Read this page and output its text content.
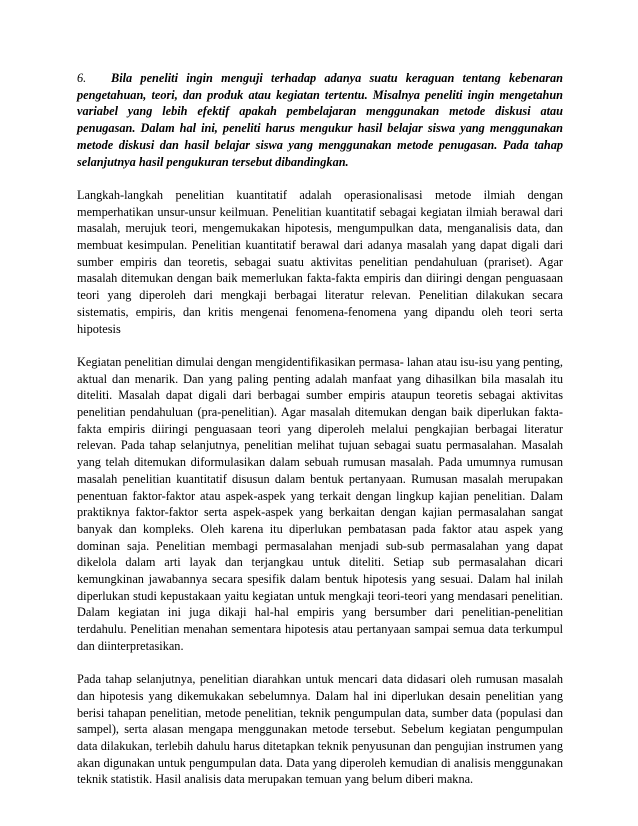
6. Bila peneliti ingin menguji terhadap adanya suatu keraguan tentang kebenaran pengetahuan, teori, dan produk atau kegiatan tertentu. Misalnya peneliti ingin mengetahun variabel yang lebih efektif apakah pembelajaran menggunakan metode diskusi atau penugasan. Dalam hal ini, peneliti harus mengukur hasil belajar siswa yang menggunakan metode diskusi dan hasil belajar siswa yang menggunakan metode penugasan. Pada tahap selanjutnya hasil pengukuran tersebut dibandingkan.

Langkah-langkah penelitian kuantitatif adalah operasionalisasi metode ilmiah dengan memperhatikan unsur-unsur keilmuan. Penelitian kuantitatif sebagai kegiatan ilmiah berawal dari masalah, merujuk teori, mengemukakan hipotesis, mengumpulkan data, menganalisis data, dan membuat kesimpulan. Penelitian kuantitatif berawal dari adanya masalah yang dapat digali dari sumber empiris dan teoretis, sebagai suatu aktivitas penelitian pendahuluan (prariset). Agar masalah ditemukan dengan baik memerlukan fakta-fakta empiris dan diiringi dengan penguasaan teori yang diperoleh dari mengkaji berbagai literatur relevan. Penelitian dilakukan secara sistematis, empiris, dan kritis mengenai fenomena-fenomena yang dipandu oleh teori serta hipotesis

Kegiatan penelitian dimulai dengan mengidentifikasikan permasa- lahan atau isu-isu yang penting, aktual dan menarik. Dan yang paling penting adalah manfaat yang dihasilkan bila masalah itu diteliti. Masalah dapat digali dari berbagai sumber empiris ataupun teoretis sebagai aktivitas penelitian pendahuluan (pra-penelitian). Agar masalah ditemukan dengan baik diperlukan fakta-fakta empiris diiringi penguasaan teori yang diperoleh melalui pengkajian berbagai literatur relevan. Pada tahap selanjutnya, penelitian melihat tujuan sebagai suatu permasalahan. Masalah yang telah ditemukan diformulasikan dalam sebuah rumusan masalah. Pada umumnya rumusan masalah penelitian kuantitatif disusun dalam bentuk pertanyaan. Rumusan masalah merupakan penentuan faktor-faktor atau aspek-aspek yang terkait dengan lingkup kajian penelitian. Dalam praktiknya faktor-faktor serta aspek-aspek yang berkaitan dengan kajian permasalahan sangat banyak dan kompleks. Oleh karena itu diperlukan pembatasan pada faktor atau aspek yang dominan saja. Penelitian membagi permasalahan menjadi sub-sub permasalahan yang dapat dikelola dalam arti layak dan terjangkau untuk diteliti. Setiap sub permasalahan dicari kemungkinan jawabannya secara spesifik dalam bentuk hipotesis yang sesuai. Dalam hal inilah diperlukan studi kepustakaan yaitu kegiatan untuk mengkaji teori-teori yang mendasari penelitian. Dalam kegiatan ini juga dikaji hal-hal empiris yang bersumber dari penelitian-penelitian terdahulu. Penelitian menahan sementara hipotesis atau pertanyaan sampai semua data terkumpul dan diinterpretasikan.

Pada tahap selanjutnya, penelitian diarahkan untuk mencari data didasari oleh rumusan masalah dan hipotesis yang dikemukakan sebelumnya. Dalam hal ini diperlukan desain penelitian yang berisi tahapan penelitian, metode penelitian, teknik pengumpulan data, sumber data (populasi dan sampel), serta alasan mengapa menggunakan metode tersebut. Sebelum kegiatan pengumpulan data dilakukan, terlebih dahulu harus ditetapkan teknik penyusunan dan pengujian instrumen yang akan digunakan untuk pengumpulan data. Data yang diperoleh kemudian di analisis menggunakan teknik statistik. Hasil analisis data merupakan temuan yang belum diberi makna.
